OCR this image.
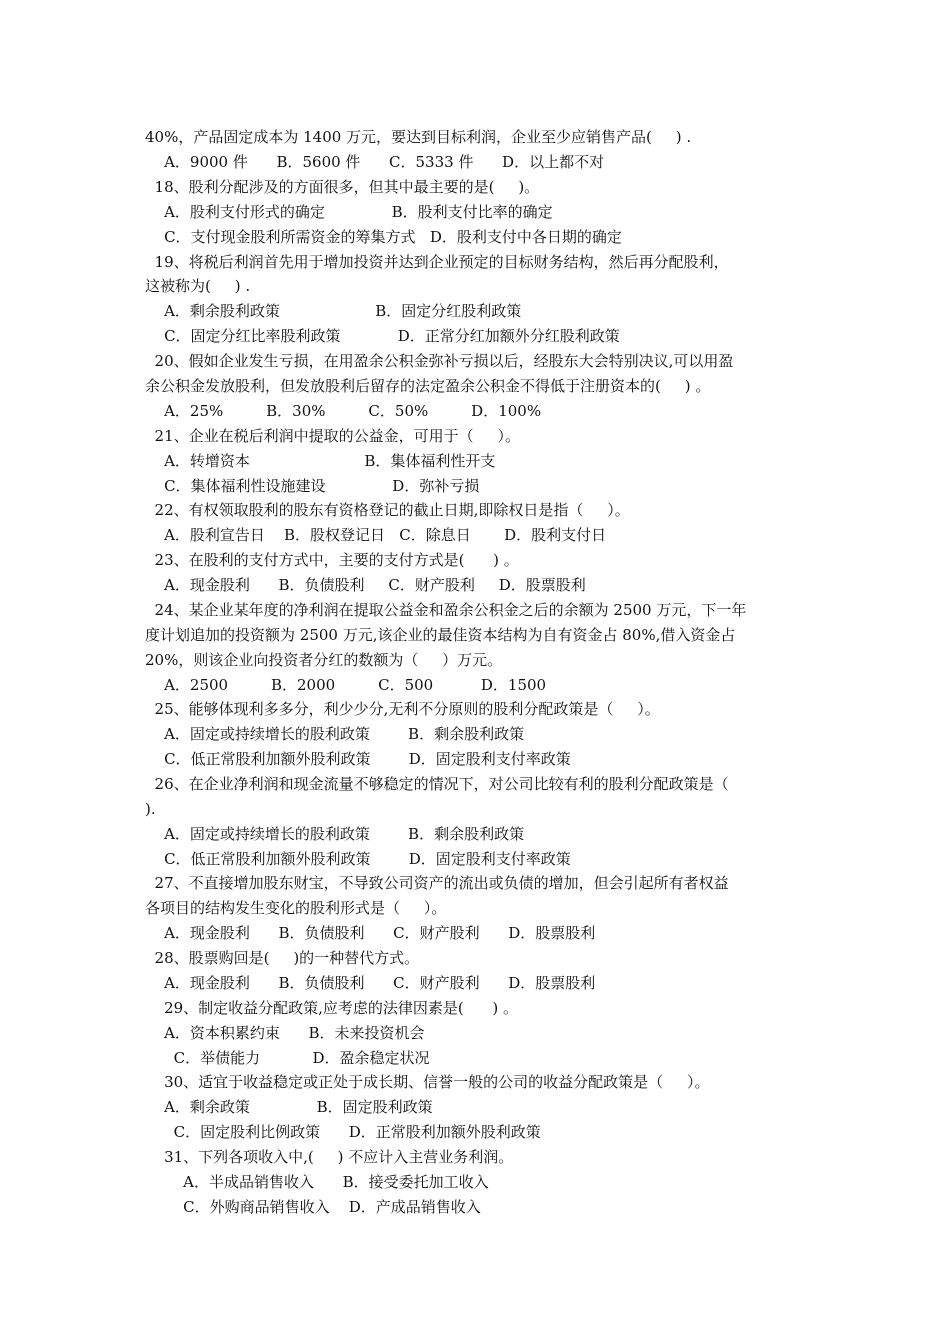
40%，产品固定成本为 1400 万元，要达到目标利润，企业至少应销售产品(     ) .
A．9000 件      B．5600 件      C．5333 件      D．以上都不对
18、股利分配涉及的方面很多，但其中最主要的是(     )。
A．股利支付形式的确定              B．股利支付比率的确定
C．支付现金股利所需资金的筹集方式   D．股利支付中各日期的确定
19、将税后利润首先用于增加投资并达到企业预定的目标财务结构，然后再分配股利，
这被称为(     ) .
A．剩余股利政策                    B．固定分红股利政策
C．固定分红比率股利政策            D．正常分红加额外分红股利政策
20、假如企业发生亏损，在用盈余公积金弥补亏损以后，经股东大会特别决议,可以用盈
余公积金发放股利，但发放股利后留存的法定盈余公积金不得低于注册资本的(     ) 。
A．25%         B．30%         C．50%         D．100%
21、企业在税后利润中提取的公益金，可用于（     ）。
A．转增资本                        B．集体福利性开支
C．集体福利性设施建设              D．弥补亏损
22、有权领取股利的股东有资格登记的截止日期,即除权日是指（     ）。
A．股利宣告日    B．股权登记日   C．除息日       D．股利支付日
23、在股利的支付方式中，主要的支付方式是(      ) 。
A．现金股利      B．负债股利     C．财产股利     D．股票股利
24、某企业某年度的净利润在提取公益金和盈余公积金之后的余额为 2500 万元，下一年
度计划追加的投资额为 2500 万元,该企业的最佳资本结构为自有资金占 80%,借入资金占
20%，则该企业向投资者分红的数额为（     ）万元。
A．2500         B．2000         C．500          D．1500
25、能够体现利多多分，利少少分,无利不分原则的股利分配政策是（     ）。
A．固定或持续增长的股利政策        B．剩余股利政策
C．低正常股利加额外股利政策        D．固定股利支付率政策
26、在企业净利润和现金流量不够稳定的情况下，对公司比较有利的股利分配政策是（
).
A．固定或持续增长的股利政策        B．剩余股利政策
C．低正常股利加额外股利政策        D．固定股利支付率政策
27、不直接增加股东财宝，不导致公司资产的流出或负债的增加，但会引起所有者权益
各项目的结构发生变化的股利形式是（     ）。
A．现金股利      B．负债股利      C．财产股利      D．股票股利
28、股票购回是(     )的一种替代方式。
A．现金股利      B．负债股利      C．财产股利      D．股票股利
29、制定收益分配政策,应考虑的法律因素是(      ) 。
A．资本积累约束      B．未来投资机会
C．举债能力           D．盈余稳定状况
30、适宜于收益稳定或正处于成长期、信誉一般的公司的收益分配政策是（     ）。
A．剩余政策              B．固定股利政策
C．固定股利比例政策      D．正常股利加额外股利政策
31、下列各项收入中,(     ) 不应计入主营业务利润。
A．半成品销售收入      B．接受委托加工收入
C．外购商品销售收入    D．产成品销售收入
